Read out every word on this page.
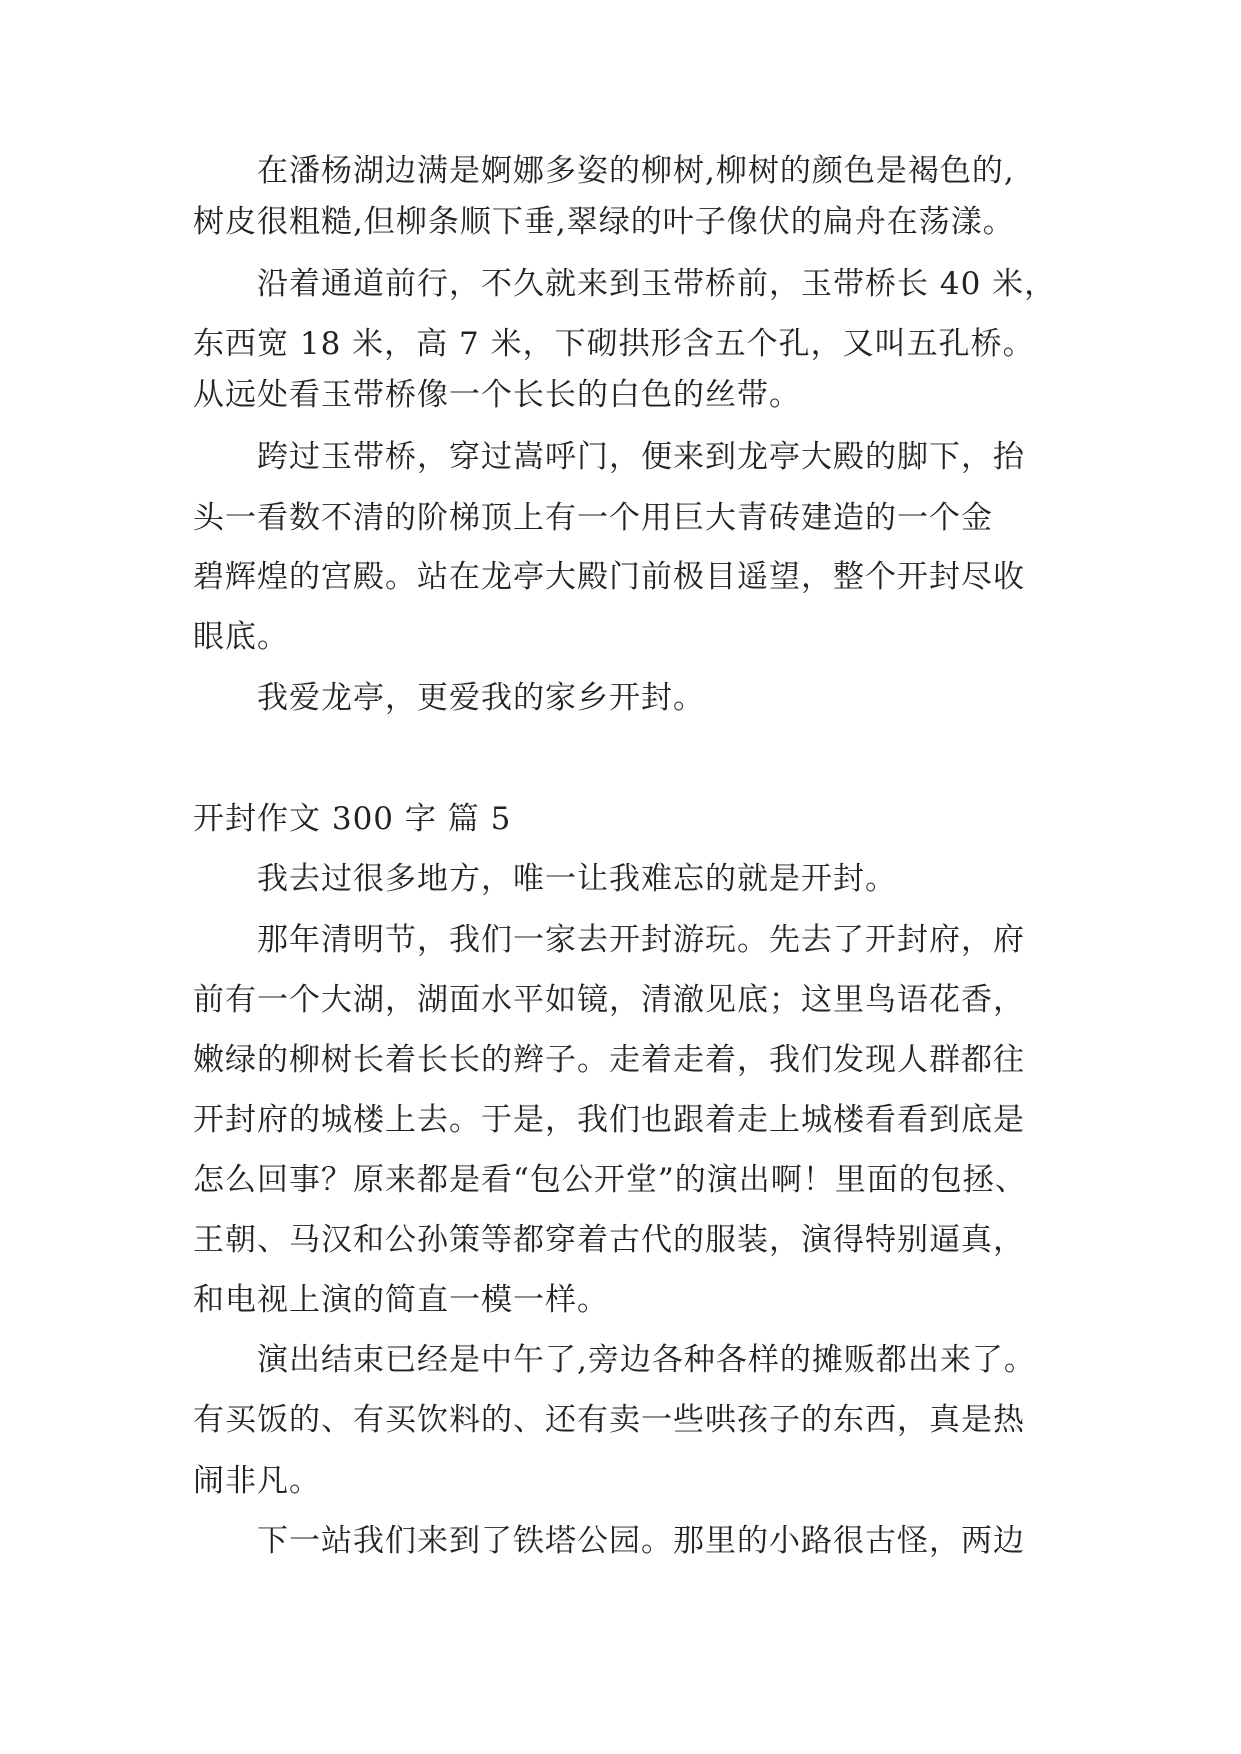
在潘杨湖边满是婀娜多姿的柳树,柳树的颜色是褐色的,
树皮很粗糙,但柳条顺下垂,翠绿的叶子像伏的扁舟在荡漾。
沿着通道前行，不久就来到玉带桥前，玉带桥长 40 米，
东西宽 18 米，高 7 米，下砌拱形含五个孔，又叫五孔桥。
从远处看玉带桥像一个长长的白色的丝带。
跨过玉带桥，穿过嵩呼门，便来到龙亭大殿的脚下，抬
头一看数不清的阶梯顶上有一个用巨大青砖建造的一个金
碧辉煌的宫殿。站在龙亭大殿门前极目遥望，整个开封尽收
眼底。
我爱龙亭，更爱我的家乡开封。
开封作文 300 字 篇 5
我去过很多地方，唯一让我难忘的就是开封。
那年清明节，我们一家去开封游玩。先去了开封府，府
前有一个大湖，湖面水平如镜，清澈见底；这里鸟语花香，
嫩绿的柳树长着长长的辫子。走着走着，我们发现人群都往
开封府的城楼上去。于是，我们也跟着走上城楼看看到底是
怎么回事？原来都是看“包公开堂”的演出啊！里面的包拯、
王朝、马汉和公孙策等都穿着古代的服装，演得特别逼真，
和电视上演的简直一模一样。
演出结束已经是中午了,旁边各种各样的摊贩都出来了。
有买饭的、有买饮料的、还有卖一些哄孩子的东西，真是热
闹非凡。
下一站我们来到了铁塔公园。那里的小路很古怪，两边
